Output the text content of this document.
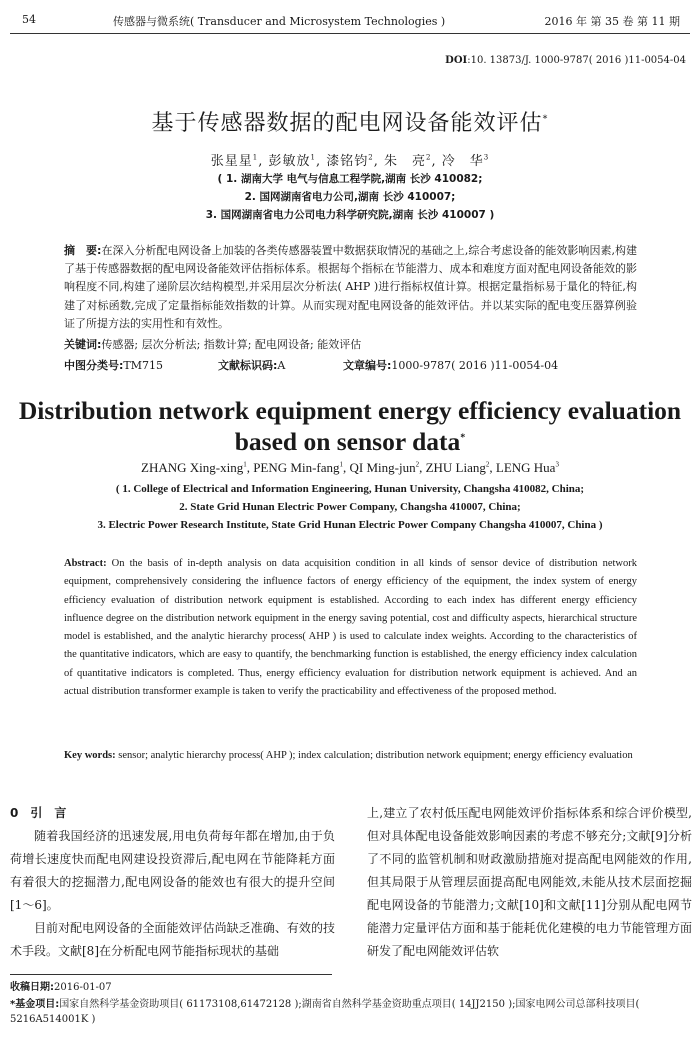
54	传感器与微系统( Transducer and Microsystem Technologies )	2016 年 第 35 卷 第 11 期
DOI:10. 13873/J. 1000-9787( 2016 )11-0054-04
基于传感器数据的配电网设备能效评估*
张星星$^1$, 彭敏放$^1$, 漆铭钧$^2$, 朱　亮$^2$, 冷　华$^3$
( 1. 湖南大学 电气与信息工程学院,湖南 长沙 410082;
2. 国网湖南省电力公司,湖南 长沙 410007;
3. 国网湖南省电力公司电力科学研究院,湖南 长沙 410007 )
摘　要:在深入分析配电网设备上加装的各类传感器装置中数据获取情况的基础之上,综合考虑设备的能效影响因素,构建了基于传感器数据的配电网设备能效评估指标体系。根据每个指标在节能潜力、成本和难度方面对配电网设备能效的影响程度不同,构建了递阶层次结构模型,并采用层次分析法( AHP )进行指标权值计算。根据定量指标易于量化的特征,构建了对标函数,完成了定量指标能效指数的计算。从而实现对配电网设备的能效评估。并以某实际的配电变压器算例验证了所提方法的实用性和有效性。
关键词:传感器; 层次分析法; 指数计算; 配电网设备; 能效评估
中图分类号:TM715	文献标识码:A	文章编号:1000-9787( 2016 )11-0054-04
Distribution network equipment energy efficiency evaluation
based on sensor data*
ZHANG Xing-xing$^1$, PENG Min-fang$^1$, QI Ming-jun$^2$, ZHU Liang$^2$, LENG Hua$^3$
( 1. College of Electrical and Information Engineering, Hunan University, Changsha 410082, China;
2. State Grid Hunan Electric Power Company, Changsha 410007, China;
3. Electric Power Research Institute, State Grid Hunan Electric Power Company Changsha 410007, China )
Abstract: On the basis of in-depth analysis on data acquisition condition in all kinds of sensor device of distribution network equipment, comprehensively considering the influence factors of energy efficiency of the equipment, the index system of energy efficiency evaluation of distribution network equipment is established. According to each index has different energy efficiency influence degree on the distribution network equipment in the energy saving potential, cost and difficulty aspects, hierarchical structure model is established, and the analytic hierarchy process( AHP ) is used to calculate index weights. According to the characteristics of the quantitative indicators, which are easy to quantify, the benchmarking function is established, the energy efficiency index calculation of quantitative indicators is completed. Thus, energy efficiency evaluation for distribution network equipment is achieved. And an actual distribution transformer example is taken to verify the practicability and effectiveness of the proposed method.
Key words: sensor; analytic hierarchy process( AHP ); index calculation; distribution network equipment; energy efficiency evaluation
0　引　言

随着我国经济的迅速发展,用电负荷每年都在增加,由于负荷增长速度快而配电网建设投资滞后,配电网在节能降耗方面有着很大的挖掘潜力,配电网设备的能效也有很大的提升空间[1～6]。

目前对配电网设备的全面能效评估尚缺乏准确、有效的技术手段。文献[8]在分析配电网节能指标现状的基础

上,建立了农村低压配电网能效评价指标体系和综合评价模型,但对具体配电设备能效影响因素的考虑不够充分;文献[9]分析了不同的监管机制和财政激励措施对提高配电网能效的作用,但其局限于从管理层面提高配电网能效,未能从技术层面挖掘配电网设备的节能潜力;文献[10]和文献[11]分别从配电网节能潜力定量评估方面和基于能耗优化建模的电力节能管理方面研发了配电网能效评估软

收稿日期:2016-01-07
*基金项目:国家自然科学基金资助项目( 61173108,61472128 );湖南省自然科学基金资助重点项目( 14JJ2150 );国家电网公司总部科技项目( 5216A514001K )
